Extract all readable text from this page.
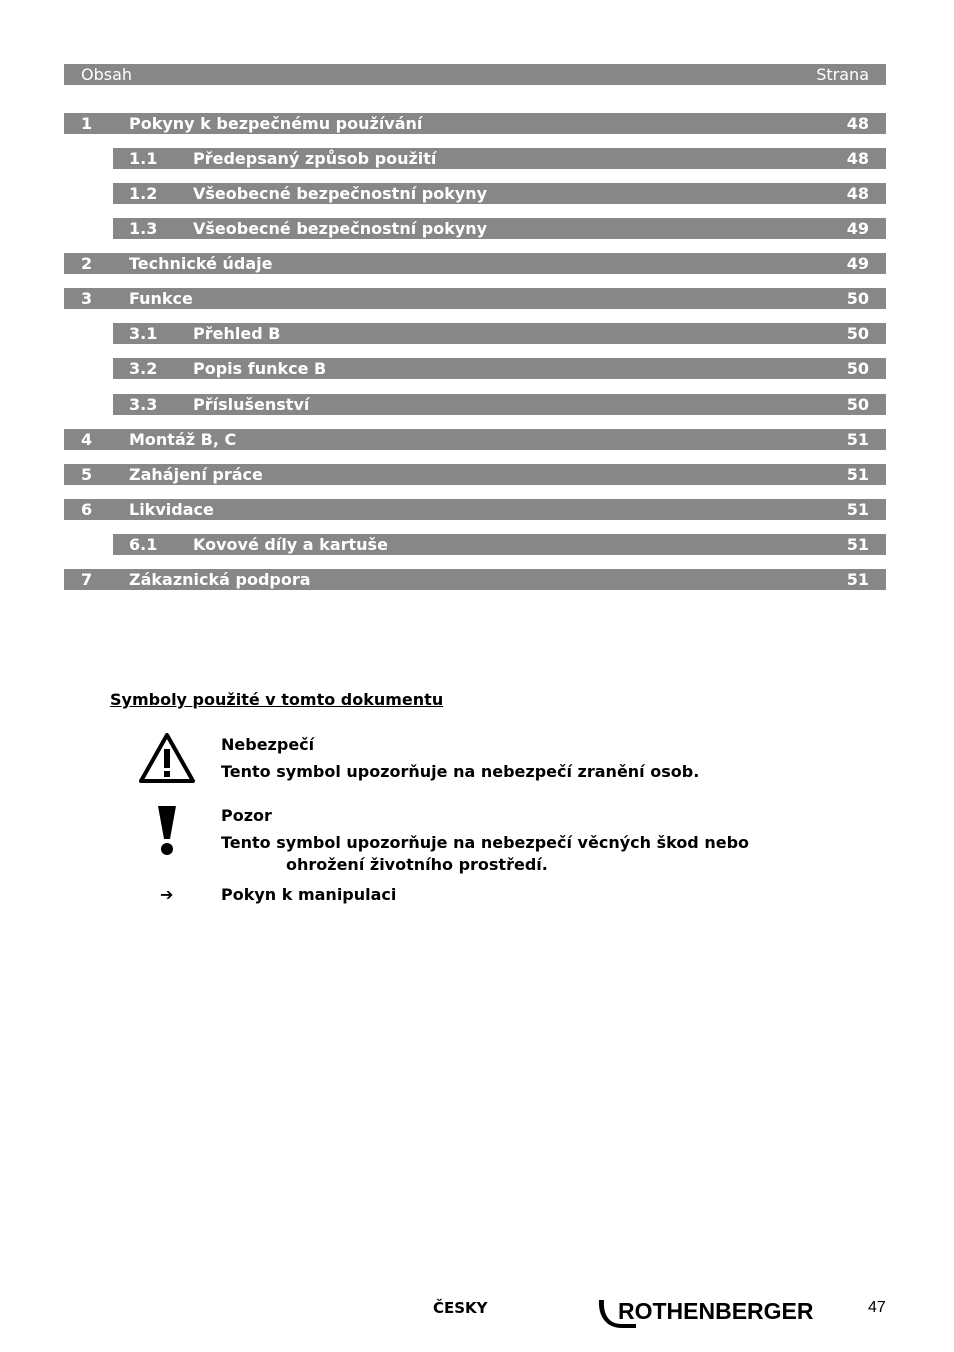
Obsah	Strana
1 Pokyny k bezpečnému používání	48
1.1 Předepsaný způsob použití	48
1.2 Všeobecné bezpečnostní pokyny	48
1.3 Všeobecné bezpečnostní pokyny	49
2 Technické údaje	49
3 Funkce	50
3.1 Přehled B	50
3.2 Popis funkce B	50
3.3 Příslušenství	50
4 Montáž B, C	51
5 Zahájení práce	51
6 Likvidace	51
6.1 Kovové díly a kartuše	51
7 Zákaznická podpora	51
Symboly použité v tomto dokumentu
Nebezpečí
Tento symbol upozorňuje na nebezpečí zranění osob.
Pozor
Tento symbol upozorňuje na nebezpečí věcných škod nebo
ohrožení životního prostředí.
➔	Pokyn k manipulaci
ČESKY	ROTHENBERGER	47
